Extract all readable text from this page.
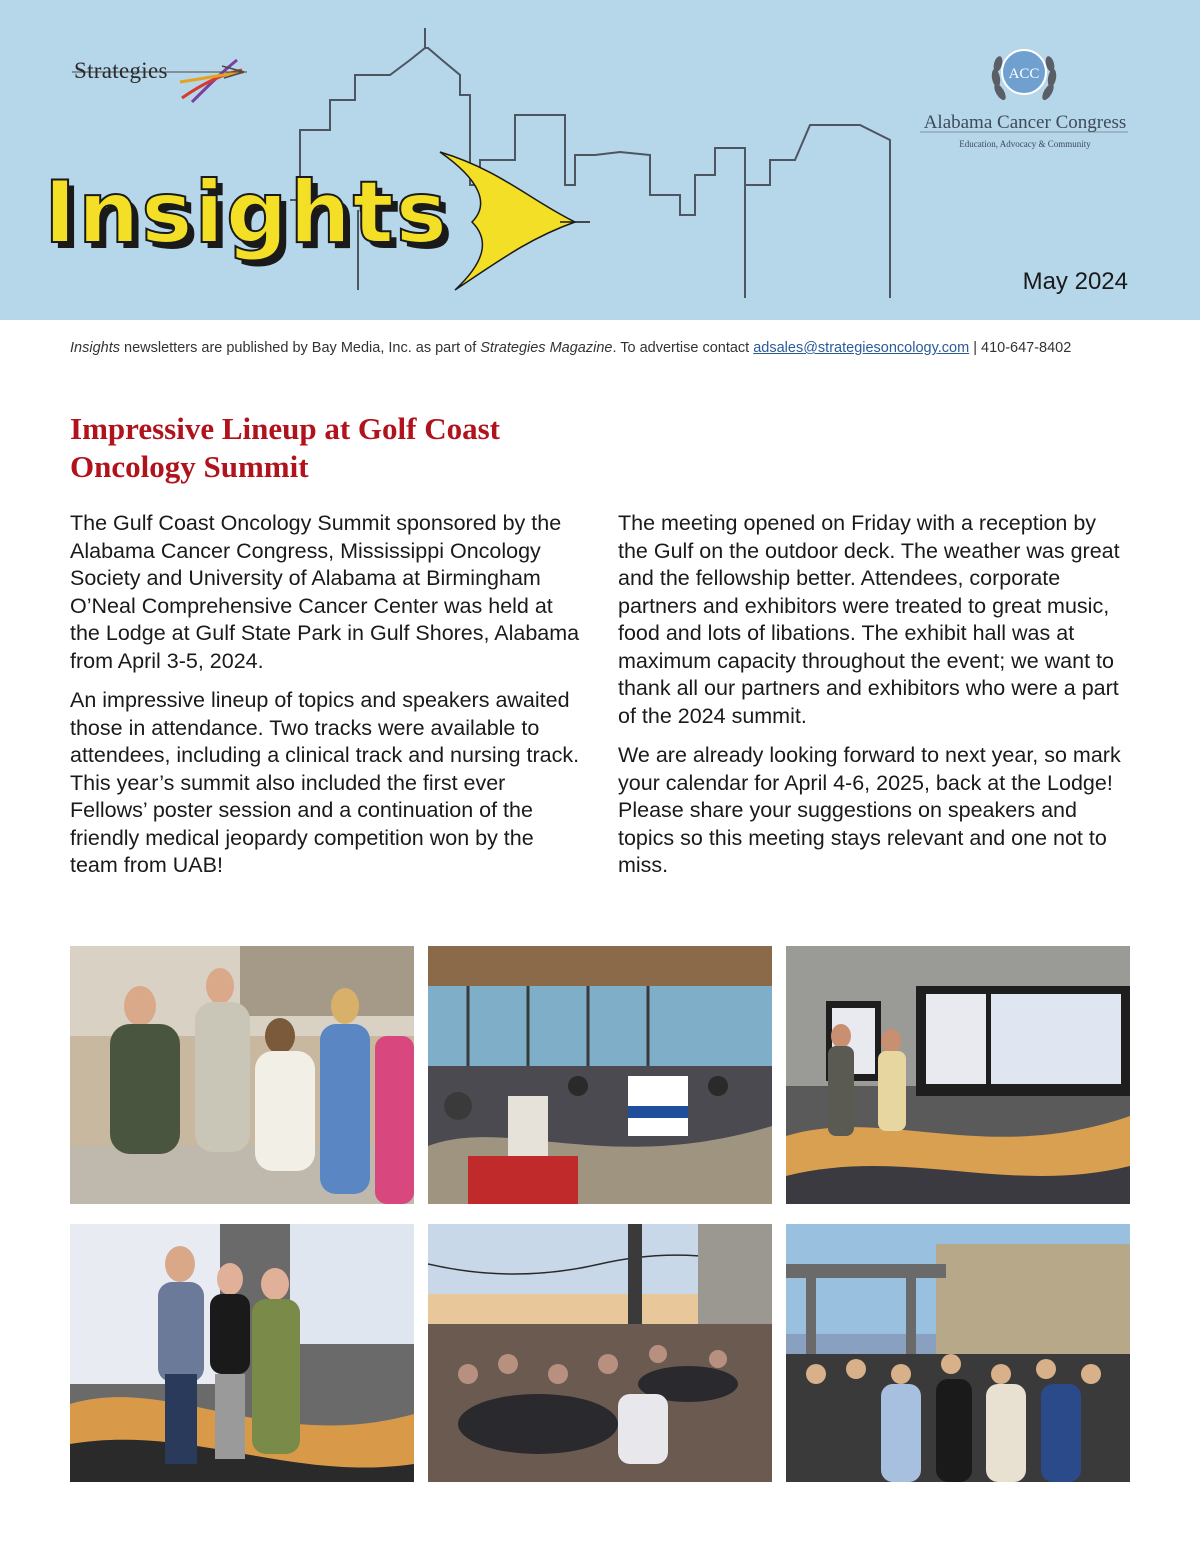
Strategies
Insights
ACC
Alabama Cancer Congress
Education, Advocacy & Community
May 2024
Insights newsletters are published by Bay Media, Inc. as part of Strategies Magazine. To advertise contact adsales@strategiesoncology.com | 410-647-8402
Impressive Lineup at Golf Coast Oncology Summit

The Gulf Coast Oncology Summit sponsored by the Alabama Cancer Congress, Mississippi Oncology Society and University of Alabama at Birmingham O’Neal Comprehensive Cancer Center was held at the Lodge at Gulf State Park in Gulf Shores, Alabama from April 3-5, 2024.

An impressive lineup of topics and speakers awaited those in attendance. Two tracks were available to attendees, including a clinical track and nursing track. This year’s summit also included the first ever Fellows’ poster session and a continuation of the friendly medical jeopardy competition won by the team from UAB!

The meeting opened on Friday with a reception by the Gulf on the outdoor deck. The weather was great and the fellowship better. Attendees, corporate partners and exhibitors were treated to great music, food and lots of libations. The exhibit hall was at maximum capacity throughout the event; we want to thank all our partners and exhibitors who were a part of the 2024 summit.

We are already looking forward to next year, so mark your calendar for April 4-6, 2025, back at the Lodge! Please share your suggestions on speakers and topics so this meeting stays relevant and one not to miss.
